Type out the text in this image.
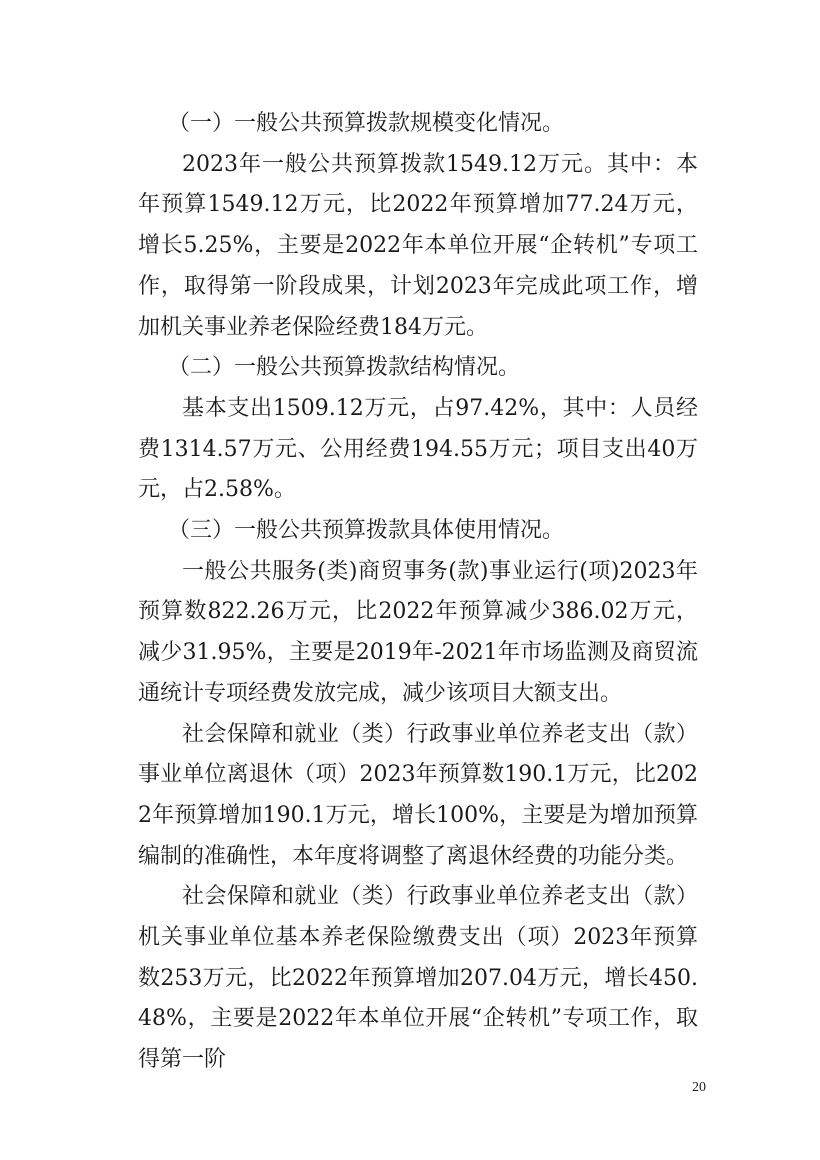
（一）一般公共预算拨款规模变化情况。

2023年一般公共预算拨款1549.12万元。其中：本年预算1549.12万元，比2022年预算增加77.24万元，增长5.25%，主要是2022年本单位开展“企转机”专项工作，取得第一阶段成果，计划2023年完成此项工作，增加机关事业养老保险经费184万元。

（二）一般公共预算拨款结构情况。

基本支出1509.12万元，占97.42%，其中：人员经费1314.57万元、公用经费194.55万元；项目支出40万元，占2.58%。

（三）一般公共预算拨款具体使用情况。

一般公共服务(类)商贸事务(款)事业运行(项)2023年预算数822.26万元，比2022年预算减少386.02万元，减少31.95%，主要是2019年-2021年市场监测及商贸流通统计专项经费发放完成，减少该项目大额支出。

社会保障和就业（类）行政事业单位养老支出（款）事业单位离退休（项）2023年预算数190.1万元，比2022年预算增加190.1万元，增长100%，主要是为增加预算编制的准确性，本年度将调整了离退休经费的功能分类。

社会保障和就业（类）行政事业单位养老支出（款）机关事业单位基本养老保险缴费支出（项）2023年预算数253万元，比2022年预算增加207.04万元，增长450.48%，主要是2022年本单位开展“企转机”专项工作，取得第一阶

20
